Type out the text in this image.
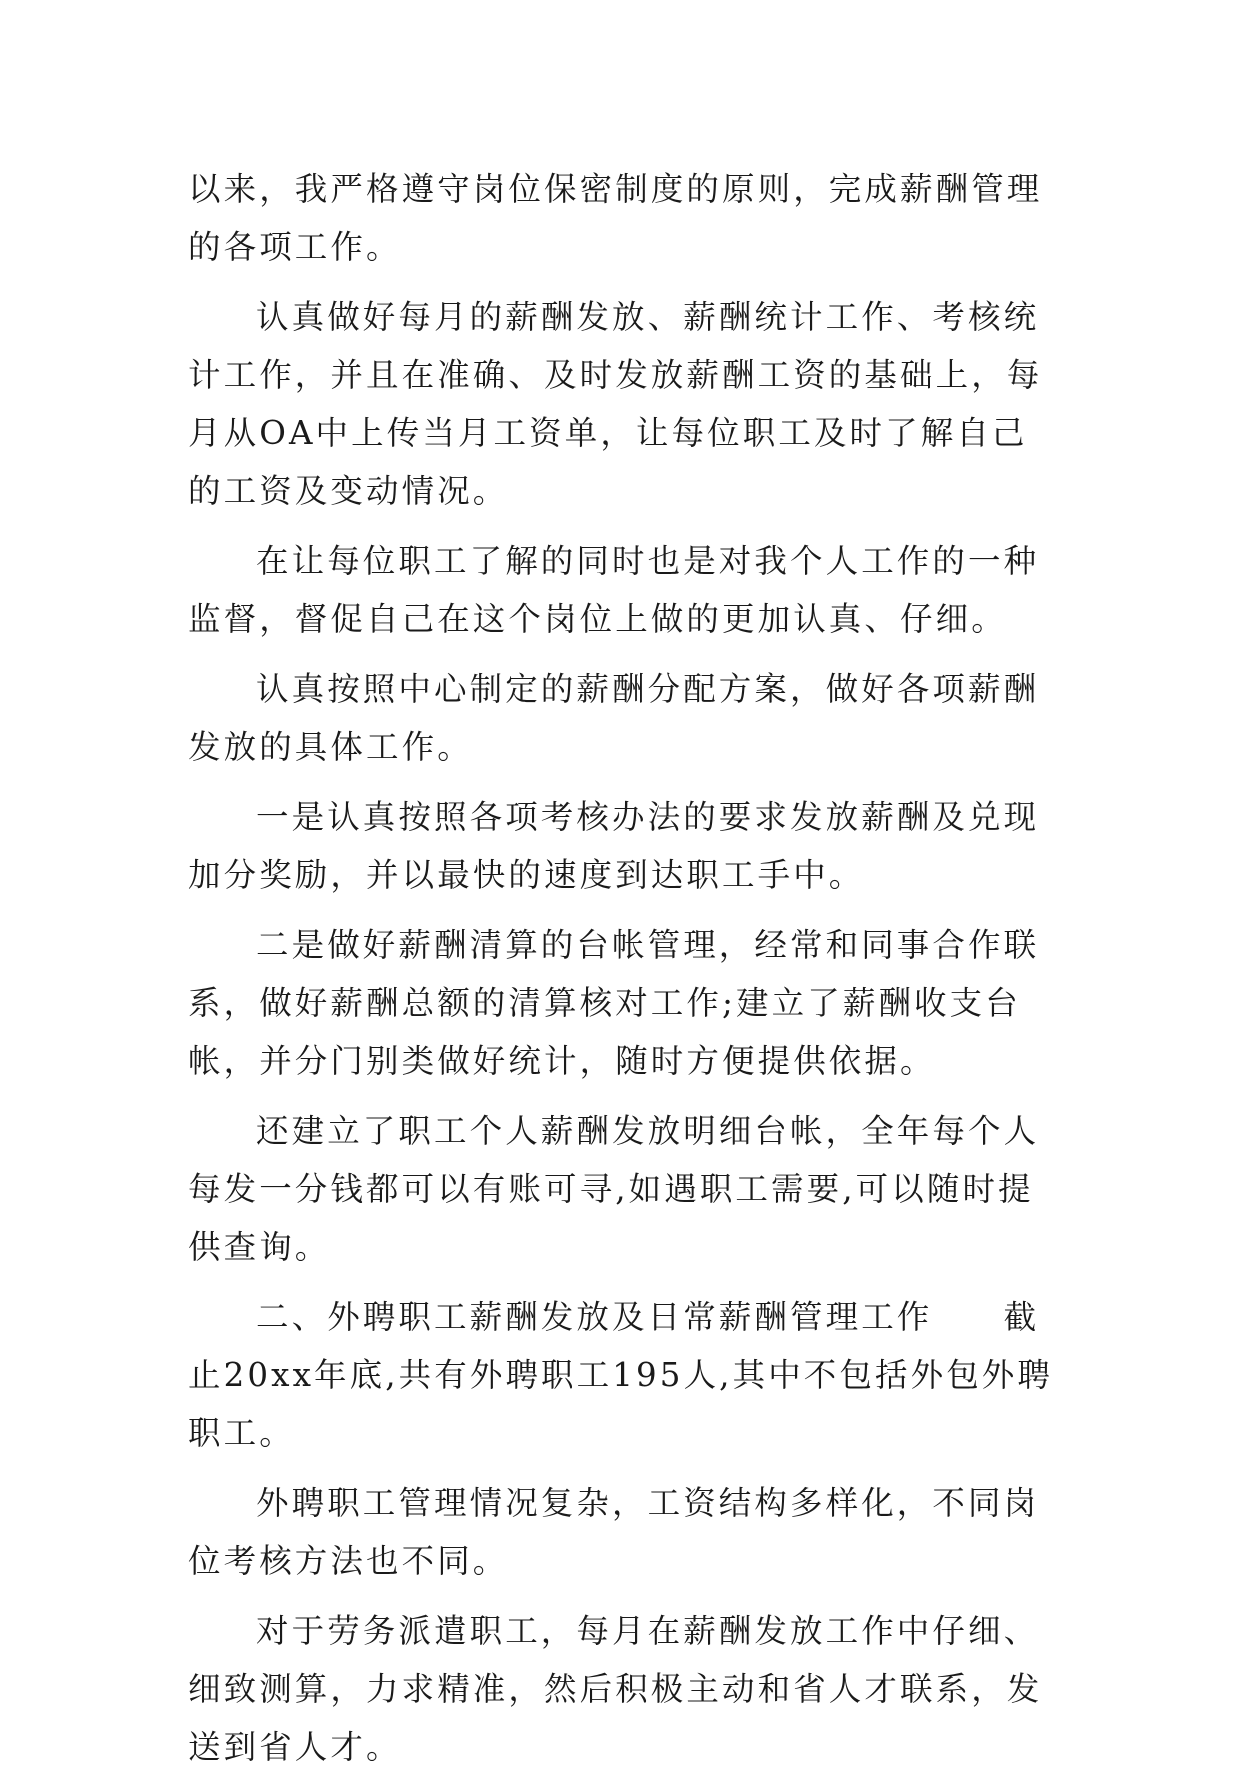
以来，我严格遵守岗位保密制度的原则，完成薪酬管理的各项工作。

认真做好每月的薪酬发放、薪酬统计工作、考核统计工作，并且在准确、及时发放薪酬工资的基础上，每月从OA中上传当月工资单，让每位职工及时了解自己的工资及变动情况。

在让每位职工了解的同时也是对我个人工作的一种监督，督促自己在这个岗位上做的更加认真、仔细。

认真按照中心制定的薪酬分配方案，做好各项薪酬发放的具体工作。

一是认真按照各项考核办法的要求发放薪酬及兑现加分奖励，并以最快的速度到达职工手中。

二是做好薪酬清算的台帐管理，经常和同事合作联系，做好薪酬总额的清算核对工作;建立了薪酬收支台帐，并分门别类做好统计，随时方便提供依据。

还建立了职工个人薪酬发放明细台帐，全年每个人每发一分钱都可以有账可寻,如遇职工需要,可以随时提供查询。

二、外聘职工薪酬发放及日常薪酬管理工作　　截止20xx年底,共有外聘职工195人,其中不包括外包外聘职工。

外聘职工管理情况复杂，工资结构多样化，不同岗位考核方法也不同。

对于劳务派遣职工，每月在薪酬发放工作中仔细、细致测算，力求精准，然后积极主动和省人才联系，发送到省人才。
